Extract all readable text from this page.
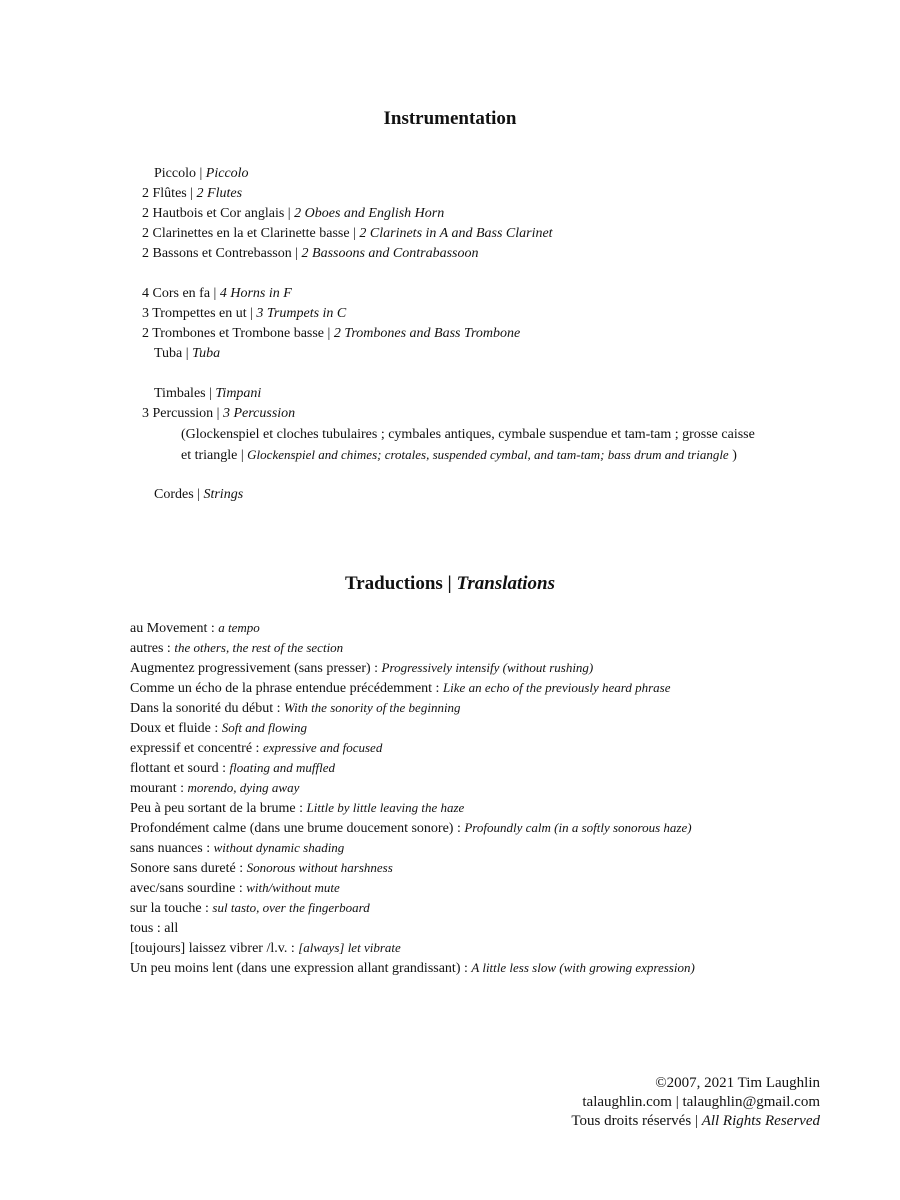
Instrumentation
Piccolo | Piccolo
2 Flûtes | 2 Flutes
2 Hautbois et Cor anglais | 2 Oboes and English Horn
2 Clarinettes en la et Clarinette basse | 2 Clarinets in A and Bass Clarinet
2 Bassons et Contrebasson | 2 Bassoons and Contrabassoon
4 Cors en fa | 4 Horns in F
3 Trompettes en ut | 3 Trumpets in C
2 Trombones et Trombone basse | 2 Trombones and Bass Trombone
Tuba | Tuba
Timbales | Timpani
3 Percussion | 3 Percussion
(Glockenspiel et cloches tubulaires ; cymbales antiques, cymbale suspendue et tam-tam ; grosse caisse
et triangle | Glockenspiel and chimes; crotales, suspended cymbal, and tam-tam; bass drum and triangle )
Cordes | Strings
Traductions | Translations
au Movement : a tempo
autres : the others, the rest of the section
Augmentez progressivement (sans presser) : Progressively intensify (without rushing)
Comme un écho de la phrase entendue précédemment : Like an echo of the previously heard phrase
Dans la sonorité du début : With the sonority of the beginning
Doux et fluide : Soft and flowing
expressif et concentré : expressive and focused
flottant et sourd : floating and muffled
mourant : morendo, dying away
Peu à peu sortant de la brume : Little by little leaving the haze
Profondément calme (dans une brume doucement sonore) : Profoundly calm (in a softly sonorous haze)
sans nuances : without dynamic shading
Sonore sans dureté : Sonorous without harshness
avec/sans sourdine : with/without mute
sur la touche : sul tasto, over the fingerboard
tous : all
[toujours] laissez vibrer /l.v. : [always] let vibrate
Un peu moins lent (dans une expression allant grandissant) : A little less slow (with growing expression)
©2007, 2021 Tim Laughlin
talaughlin.com | talaughlin@gmail.com
Tous droits réservés | All Rights Reserved
